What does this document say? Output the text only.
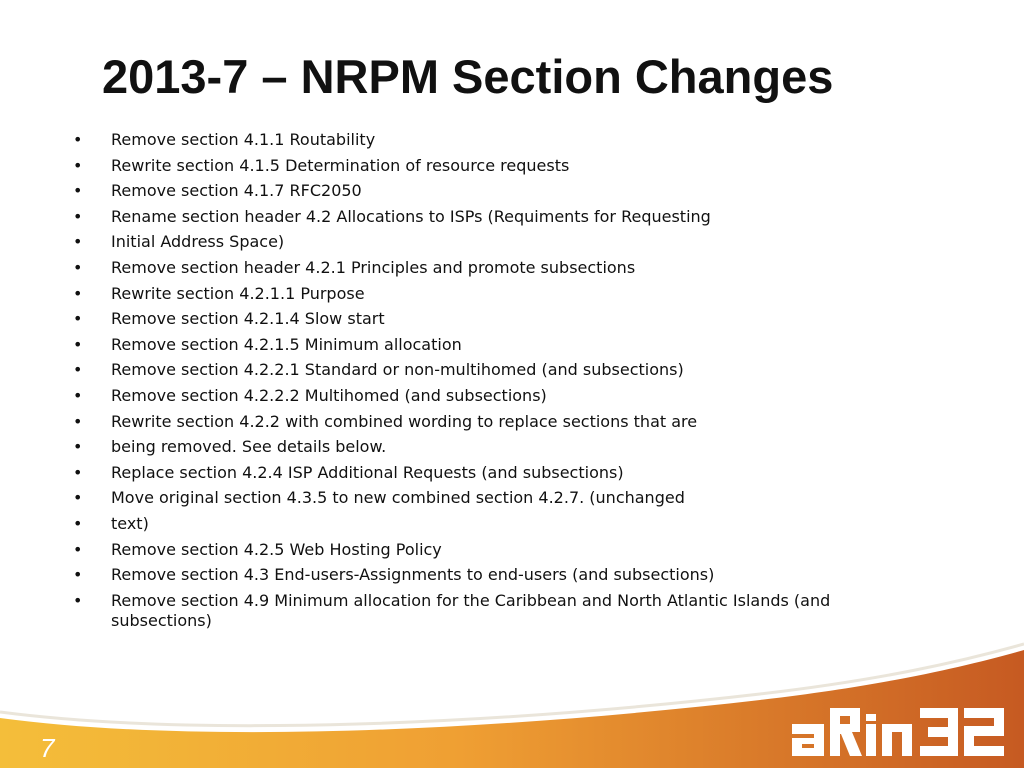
2013-7 – NRPM Section Changes
•	Remove section 4.1.1 Routability
•	Rewrite section 4.1.5 Determination of resource requests
•	Remove section 4.1.7 RFC2050
•	Rename section header 4.2 Allocations to ISPs (Requiments for Requesting
•	Initial Address Space)
•	Remove section header 4.2.1 Principles and promote subsections
•	Rewrite section 4.2.1.1 Purpose
•	Remove section 4.2.1.4 Slow start
•	Remove section 4.2.1.5 Minimum allocation
•	Remove section 4.2.2.1 Standard or non-multihomed (and subsections)
•	Remove section 4.2.2.2 Multihomed (and subsections)
•	Rewrite section 4.2.2 with combined wording to replace sections that are
•	being removed. See details below.
•	Replace section 4.2.4 ISP Additional Requests (and subsections)
•	Move original section 4.3.5 to new combined section 4.2.7. (unchanged
•	text)
•	Remove section 4.2.5 Web Hosting Policy
•	Remove section 4.3 End-users-Assignments to end-users (and subsections)
•	Remove section 4.9 Minimum allocation for the Caribbean and North Atlantic Islands (and subsections)
7
